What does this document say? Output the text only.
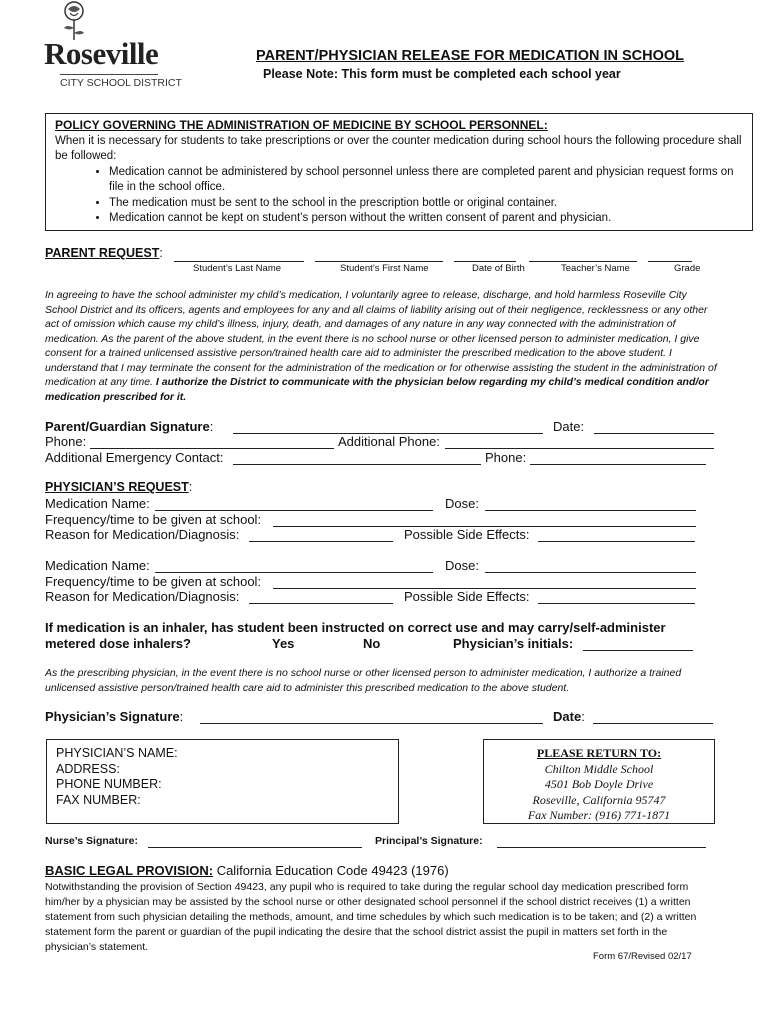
Roseville
CITY SCHOOL DISTRICT
PARENT/PHYSICIAN RELEASE FOR MEDICATION IN SCHOOL
Please Note: This form must be completed each school year
POLICY GOVERNING THE ADMINISTRATION OF MEDICINE BY SCHOOL PERSONNEL:
When it is necessary for students to take prescriptions or over the counter medication during school hours the following procedure shall be followed:
• Medication cannot be administered by school personnel unless there are completed parent and physician request forms on file in the school office.
• The medication must be sent to the school in the prescription bottle or original container.
• Medication cannot be kept on student’s person without the written consent of parent and physician.
PARENT REQUEST:
Student’s Last Name	Student’s First Name	Date of Birth	Teacher’s Name	Grade
In agreeing to have the school administer my child’s medication, I voluntarily agree to release, discharge, and hold harmless Roseville City School District and its officers, agents and employees for any and all claims of liability arising out of their negligence, recklessness or any other act of omission which cause my child’s illness, injury, death, and damages of any nature in any way connected with the administration of medication. As the parent of the above student, in the event there is no school nurse or other licensed person to administer medication, I give consent for a trained unlicensed assistive person/trained health care aid to administer the prescribed medication to the above student. I understand that I may terminate the consent for the administration of the medication or for otherwise assisting the student in the administration of medication at any time. I authorize the District to communicate with the physician below regarding my child’s medical condition and/or medication prescribed for it.
Parent/Guardian Signature:	Date:
Phone:	Additional Phone:
Additional Emergency Contact:	Phone:
PHYSICIAN’S REQUEST:
Medication Name:	Dose:
Frequency/time to be given at school:
Reason for Medication/Diagnosis:	Possible Side Effects:
Medication Name:	Dose:
Frequency/time to be given at school:
Reason for Medication/Diagnosis:	Possible Side Effects:
If medication is an inhaler, has student been instructed on correct use and may carry/self-administer
metered dose inhalers?	Yes	No	Physician’s initials:
As the prescribing physician, in the event there is no school nurse or other licensed person to administer medication, I authorize a trained unlicensed assistive person/trained health care aid to administer this prescribed medication to the above student.
Physician’s Signature:	Date:
PHYSICIAN’S NAME:
ADDRESS:
PHONE NUMBER:
FAX NUMBER:
PLEASE RETURN TO:
Chilton Middle School
4501 Bob Doyle Drive
Roseville, California 95747
Fax Number: (916) 771-1871
Nurse’s Signature:	Principal’s Signature:
BASIC LEGAL PROVISION: California Education Code 49423 (1976)
Notwithstanding the provision of Section 49423, any pupil who is required to take during the regular school day medication prescribed form him/her by a physician may be assisted by the school nurse or other designated school personnel if the school district receives (1) a written statement from such physician detailing the methods, amount, and time schedules by which such medication is to be taken; and (2) a written statement form the parent or guardian of the pupil indicating the desire that the school district assist the pupil in matters set forth in the physician’s statement.
Form 67/Revised 02/17
